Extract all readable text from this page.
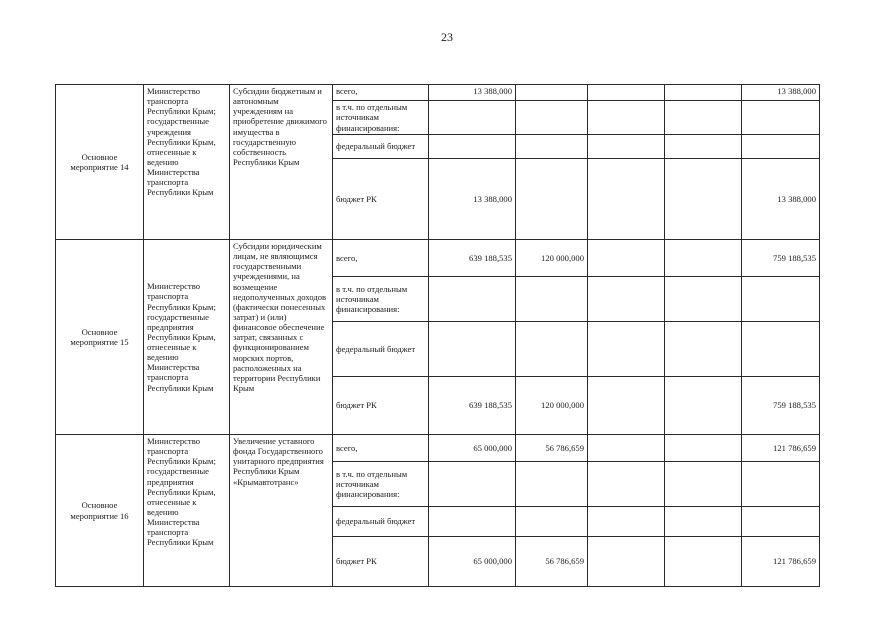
23
Основное мероприятие 14	Министерство транспорта Республики Крым; государственные учреждения Республики Крым, отнесенные к ведению Министерства транспорта Республики Крым	Субсидии бюджетным и автономным учреждениям на приобретение движимого имущества в государственную собственность Республики Крым	всего,	13 388,000				13 388,000
			в т.ч. по отдельным источникам финансирования:					
			федеральный бюджет					
			бюджет РК	13 388,000				13 388,000
Основное мероприятие 15	Министерство транспорта Республики Крым; государственные предприятия Республики Крым, отнесенные к ведению Министерства транспорта Республики Крым	Субсидии юридическим лицам, не являющимся государственными учреждениями, на возмещение недополученных доходов (фактически понесенных затрат) и (или) финансовое обеспечение затрат, связанных с функционированием морских портов, расположенных на территории Республики Крым	всего,	639 188,535	120 000,000			759 188,535
			в т.ч. по отдельным источникам финансирования:					
			федеральный бюджет					
			бюджет РК	639 188,535	120 000,000			759 188,535
Основное мероприятие 16	Министерство транспорта Республики Крым; государственные предприятия Республики Крым, отнесенные к ведению Министерства транспорта Республики Крым	Увеличение уставного фонда Государственного унитарного предприятия Республики Крым «Крымавтотранс»	всего,	65 000,000	56 786,659			121 786,659
			в т.ч. по отдельным источникам финансирования:					
			федеральный бюджет					
			бюджет РК	65 000,000	56 786,659			121 786,659
